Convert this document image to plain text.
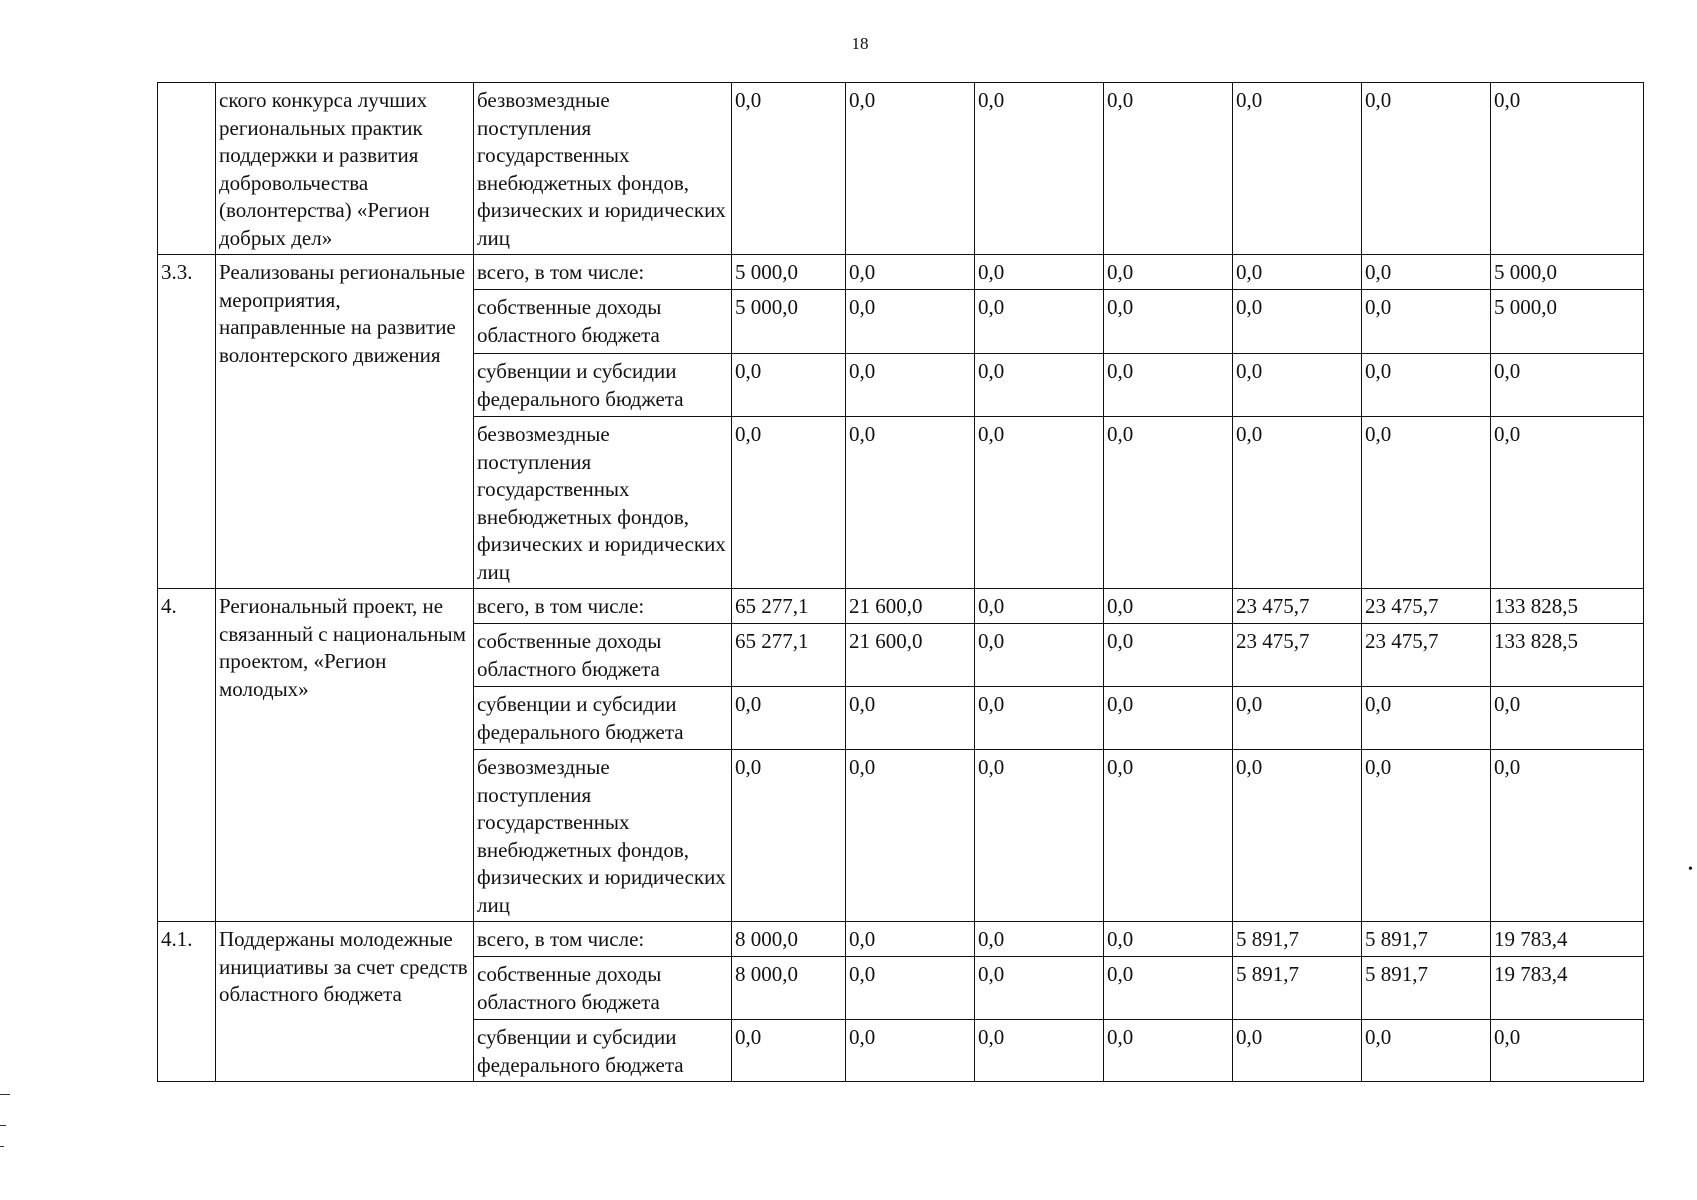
18
	ского конкурса лучших региональных практик поддержки и развития добровольчества (волонтерства) «Регион добрых дел»	безвозмездные поступления государственных внебюджетных фондов, физических и юридических лиц	0,0	0,0	0,0	0,0	0,0	0,0	0,0
3.3.	Реализованы региональные мероприятия, направленные на развитие волонтерского движения	всего, в том числе:	5 000,0	0,0	0,0	0,0	0,0	0,0	5 000,0
		собственные доходы областного бюджета	5 000,0	0,0	0,0	0,0	0,0	0,0	5 000,0
		субвенции и субсидии федерального бюджета	0,0	0,0	0,0	0,0	0,0	0,0	0,0
		безвозмездные поступления государственных внебюджетных фондов, физических и юридических лиц	0,0	0,0	0,0	0,0	0,0	0,0	0,0
4.	Региональный проект, не связанный с национальным проектом, «Регион молодых»	всего, в том числе:	65 277,1	21 600,0	0,0	0,0	23 475,7	23 475,7	133 828,5
		собственные доходы областного бюджета	65 277,1	21 600,0	0,0	0,0	23 475,7	23 475,7	133 828,5
		субвенции и субсидии федерального бюджета	0,0	0,0	0,0	0,0	0,0	0,0	0,0
		безвозмездные поступления государственных внебюджетных фондов, физических и юридических лиц	0,0	0,0	0,0	0,0	0,0	0,0	0,0
4.1.	Поддержаны молодежные инициативы за счет средств областного бюджета	всего, в том числе:	8 000,0	0,0	0,0	0,0	5 891,7	5 891,7	19 783,4
		собственные доходы областного бюджета	8 000,0	0,0	0,0	0,0	5 891,7	5 891,7	19 783,4
		субвенции и субсидии федерального бюджета	0,0	0,0	0,0	0,0	0,0	0,0	0,0
•
